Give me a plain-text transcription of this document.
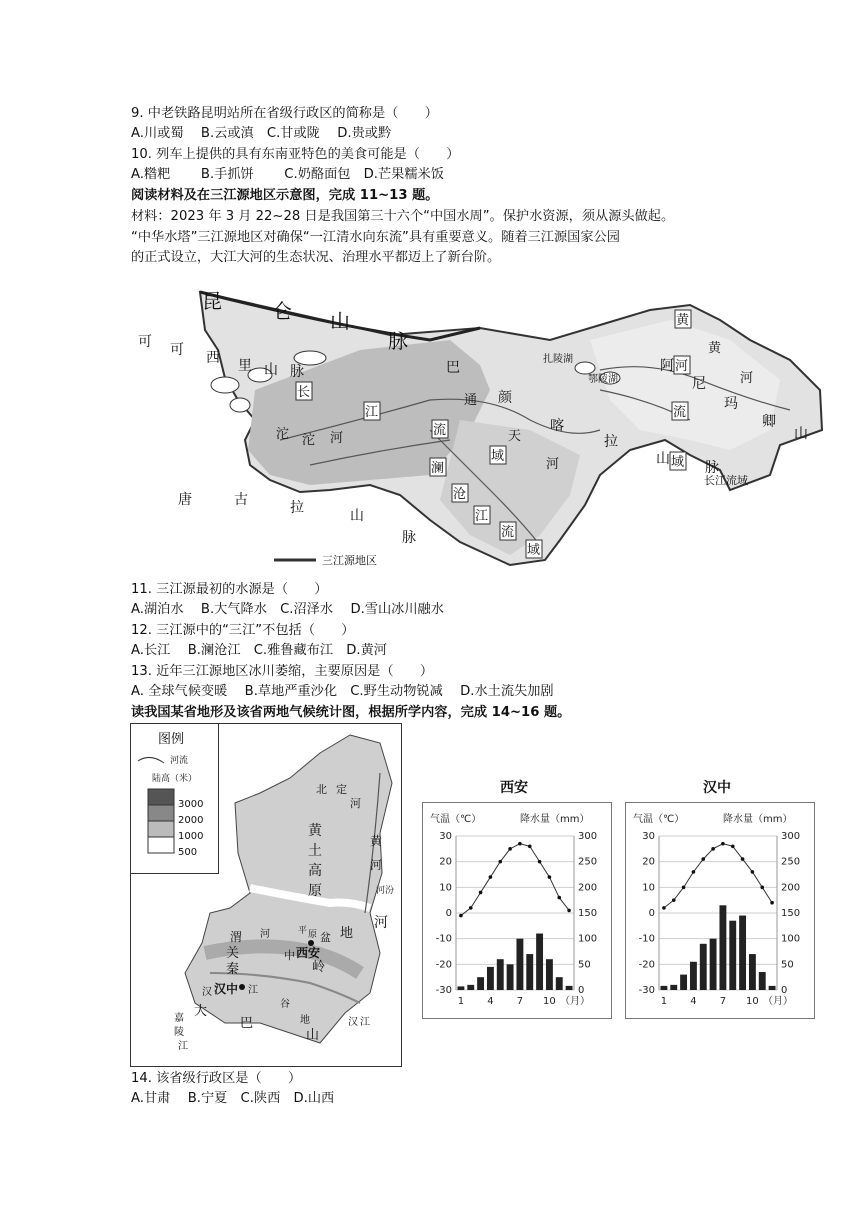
9. 中老铁路昆明站所在省级行政区的简称是（　　）
A.川或蜀　 B.云或滇　C.甘或陇　 D.贵或黔
10. 列车上提供的具有东南亚特色的美食可能是（　　）
A.糌粑　　 B.手抓饼　　 C.奶酪面包　D.芒果糯米饭
阅读材料及在三江源地区示意图，完成 11~13 题。
材料：2023 年 3 月 22~28 日是我国第三十六个“中国水周”。保护水资源，须从源头做起。
“中华水塔”三江源地区对确保“一江清水向东流”具有重要意义。随着三江源国家公园
的正式设立，大江大河的生态状况、治理水平都迈上了新台阶。
昆	仑 山
脉
可 可 西 里 山 脉	巴
颜
喀
拉
山
脉
唐	古	拉	山
脉
阿
尼
玛
卿
山
长
江
流
域
通
天
河
沱 沱 河
黄
河
流
域
黄
河
澜
沧
江
流
域
扎陵湖
鄂陵湖
长江流域
三江源地区
11. 三江源最初的水源是（　　）
A.湖泊水　 B.大气降水　C.沼泽水　 D.雪山冰川融水
12. 三江源中的“三江”不包括（　　）
A.长江　 B.澜沧江　C.雅鲁藏布江　D.黄河
13. 近年三江源地区冰川萎缩，主要原因是（　　）
A. 全球气候变暖　 B.草地严重沙化　C.野生动物锐减　 D.水土流失加剧
读我国某省地形及该省两地气候统计图，根据所学内容，完成 14~16 题。
图例
河流
陆高（米）
3000
2000
1000
500
北 定
河
黄
土
高
原
黄
河
河汾
河
地
渭 河
关	中
平 原 盆
西安
秦	岭
汉中
汉	江
谷
地
大
巴
山
汉 江
嘉
陵
江
西安
气温（℃）	降水量（mm）
30
20
10
0
-10
-20
-30
300
250
200
150
100
50
0
1 4 7 10 （月）
汉中
气温（℃）	降水量（mm）
30
20
10
0
-10
-20
-30
300
250
200
150
100
50
0
1 4 7 10 （月）
14. 该省级行政区是（　　）
A.甘肃　 B.宁夏　C.陕西　D.山西
